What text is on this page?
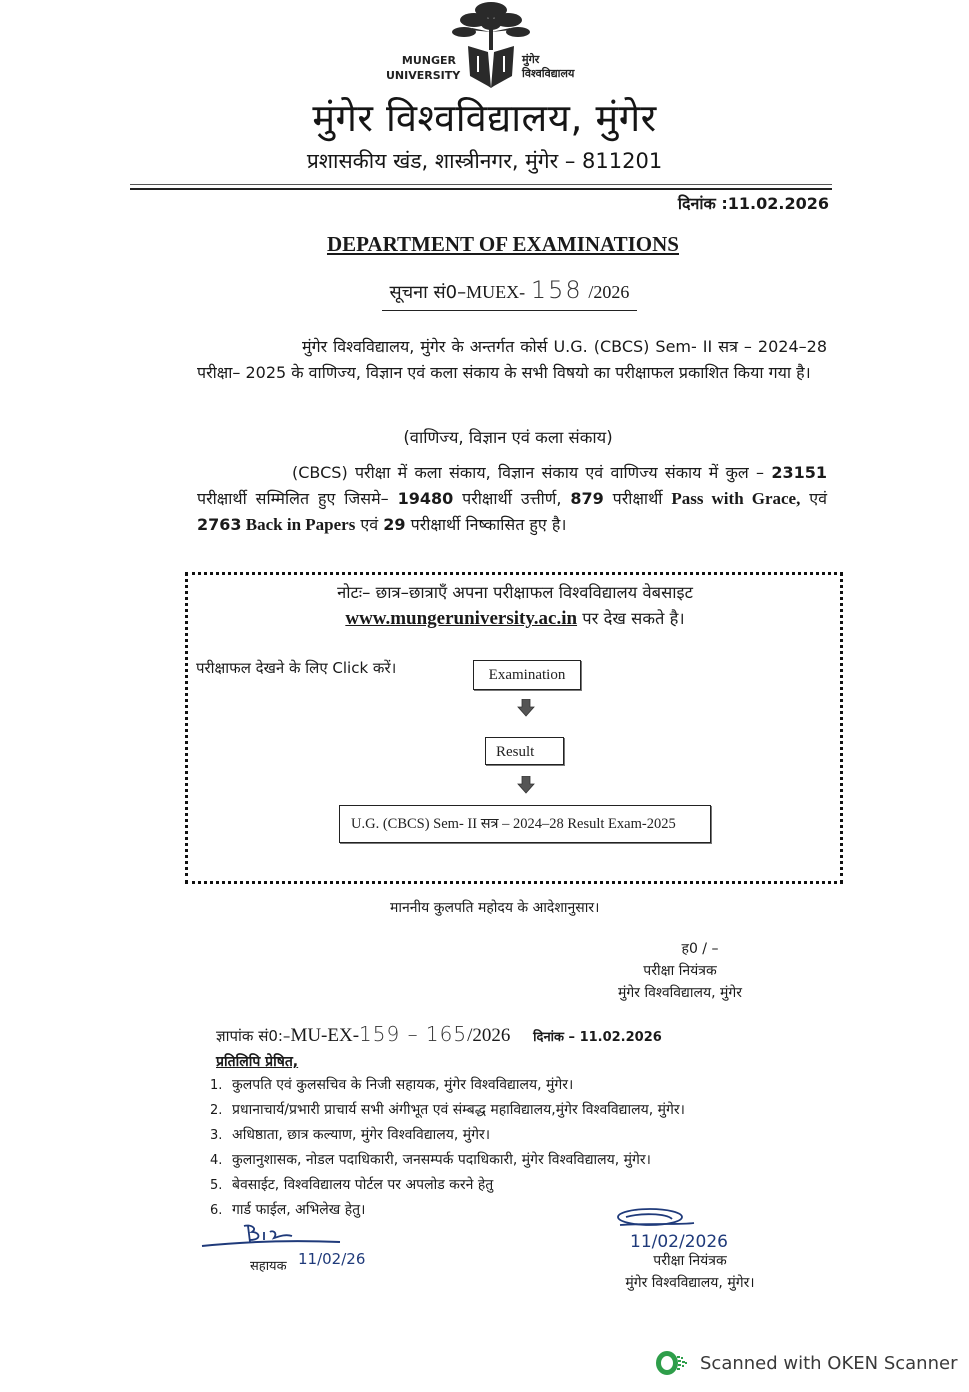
MUNGER
UNIVERSITY
मुंगेर
विश्वविद्यालय
मुंगेर विश्वविद्यालय, मुंगेर
प्रशासकीय खंड, शास्त्रीनगर, मुंगेर – 811201
दिनांक :11.02.2026
DEPARTMENT OF EXAMINATIONS
सूचना सं0–MUEX- 158 /2026
मुंगेर विश्वविद्यालय, मुंगेर के अन्तर्गत कोर्स U.G. (CBCS) Sem- II सत्र – 2024–28 परीक्षा– 2025 के वाणिज्य, विज्ञान एवं कला संकाय के सभी विषयो का परीक्षाफल प्रकाशित किया गया है।
(वाणिज्य, विज्ञान एवं कला संकाय)
(CBCS) परीक्षा में कला संकाय, विज्ञान संकाय एवं वाणिज्य संकाय में कुल – 23151 परीक्षार्थी सम्मिलित हुए जिसमे– 19480 परीक्षार्थी उत्तीर्ण, 879 परीक्षार्थी Pass with Grace, एवं 2763 Back in Papers एवं 29 परीक्षार्थी निष्कासित हुए है।
नोटः– छात्र–छात्राएँ अपना परीक्षाफल विश्वविद्यालय वेबसाइट
www.mungeruniversity.ac.in पर देख सकते है।
परीक्षाफल देखने के लिए Click करें।	Examination
Result
U.G. (CBCS) Sem- II सत्र – 2024–28 Result Exam-2025
माननीय कुलपति महोदय के आदेशानुसार।
ह0 / –
परीक्षा नियंत्रक
मुंगेर विश्वविद्यालय, मुंगेर
ज्ञापांक सं0:–MU-EX-159 – 165/2026 दिनांक – 11.02.2026
प्रतिलिपि प्रेषित,
1. कुलपति एवं कुलसचिव के निजी सहायक, मुंगेर विश्वविद्यालय, मुंगेर।
2. प्रधानाचार्य/प्रभारी प्राचार्य सभी अंगीभूत एवं संम्बद्ध महाविद्यालय,मुंगेर विश्वविद्यालय, मुंगेर।
3. अधिष्ठाता, छात्र कल्याण, मुंगेर विश्वविद्यालय, मुंगेर।
4. कुलानुशासक, नोडल पदाधिकारी, जनसम्पर्क पदाधिकारी, मुंगेर विश्वविद्यालय, मुंगेर।
5. बेवसाईट, विश्वविद्यालय पोर्टल पर अपलोड करने हेतु
6. गार्ड फाईल, अभिलेख हेतु।
11/02/26
सहायक
11/02/2026
परीक्षा नियंत्रक
मुंगेर विश्वविद्यालय, मुंगेर।
Scanned with OKEN Scanner
